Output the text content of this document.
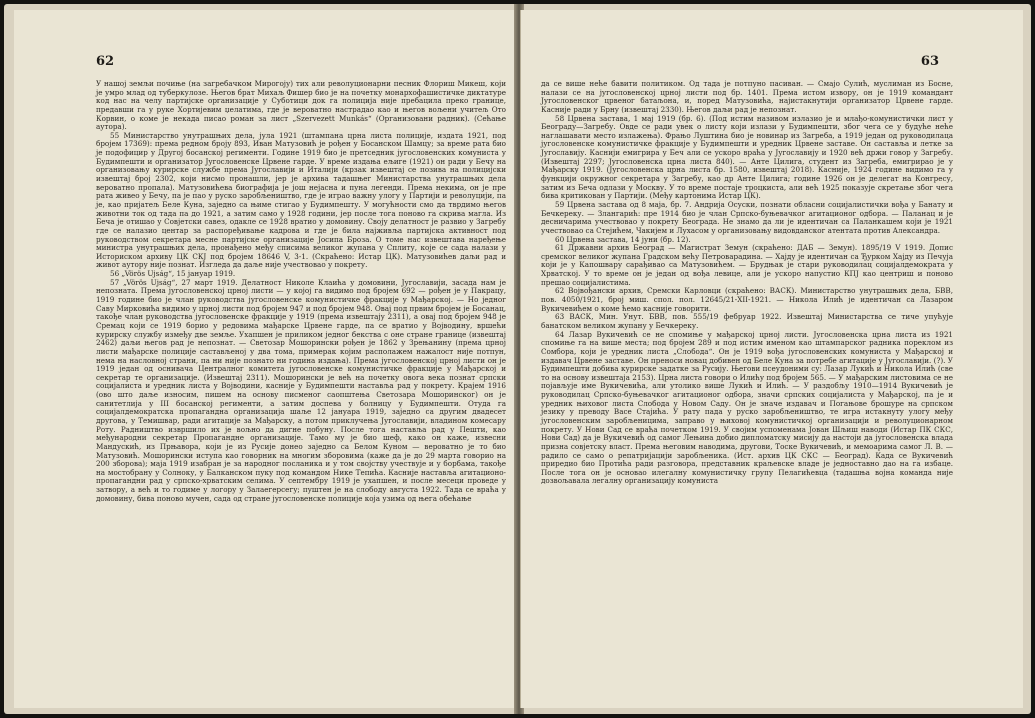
62

У нашој земљи почиње (на загребачком Мирогоју) тих али револуционарни песник Флориш Микеш, који је умро млад од туберкулозе. Његов брат Михаљ Фишер био је на почетку монархофашистичке диктатуре код нас на челу партијске организације у Суботици док га полиција није пребацила преко границе, предавши га у руке Хортијевим џелатима, где је вероватно настрадао као и његов вољени учитељ Ото Корвин, о коме је некада писао роман за лист „Szervezett Munkás“ (Организовани радник). (Сећање аутора).

55 Министарство унутрашњих дела, јула 1921 (штампана црна листа полиције, издата 1921, под бројем 17369): према редном броју 893, Иван Матузовић је рођен у Босанском Шамцу; за време рата био је подофицир у Другој босанској регименти. Године 1919 био је претседник југословенских комуниста у Будимпешти и организатор Југословенске Црвене гарде. У време издања ељиге (1921) он ради у Бечу на организовању курирске службе према Југославији и Италији (крзак извештај се позива на полицијски извештај број 2302, који нисмо пронашли, јер је архива тадашњег Министарства унутрашњих дела вероватно пропала). Матузовићева биографија је још нејасна и пуна легенди. Према некима, он је пре рата живео у Бечу, па је пао у руско заробљеништво, где је играо важну улогу у Партији и револуцији, па је, као пријатељ Беле Куна, заједно са њиме стигао у Будимпешту. У могућности смо да тврдимо његов животни ток од тада па до 1921, а затим само у 1928 години, јер после тога поново га скрива магла. Из Беча је отишао у Совјетски савез, одакле се 1928 вратио у домовину. Своју делатност је развио у Загребу где се налазио центар за распоређивање кадрова и где је била најживља партијска активност под руководством секретара месне партијске организације Јосипа Броза. О томе нас извештава наређење министра унутрашњих дела, пронађено међу списима великог жупана у Сплиту, које се сада налази у Историском архиву ЦК СКЈ под бројем 18646 V, 3-1. (Скраћено: Истар ЦК). Матузовићев даљи рад и живот аутору није познат. Изгледа да даље није учествовао у покрету.

56 „Vörös Ujság“, 15 јануар 1919.

57 „Vörös Ujság“, 27 март 1919. Делатност Николе Клаића у домовини, Југославији, засада нам је непозната. Према југословенској црној листи — у којој га видимо под бројем 692 — рођен је у Пакрацу, 1919 године био је члан руководства југословенске комунистичке фракције у Мађарској. — Но једног Саву Мирковића видимо у црној листи под бројем 947 и под бројем 948. Овај под првим бројем је Босанац, такође члан руководства југословенске фракције у 1919 (према извештају 2311), а овај под бројем 948 је Сремац који се 1919 борио у редовима мађарске Црвене гарде, па се вратио у Војводину, вршећи курирску службу између две земље. Ухапшен је приликом једног бекства с оне стране границе (извештај 2462) даљи његов рад је непознат. — Светозар Мошорински рођен је 1862 у Зрењанину (према црној листи мађарске полиције састављеној у два тома, примерак којим располажем нажалост није потпун, нема на насловној страни, па ни није познато ни година издања). Према југословенској црној листи он је 1919 један од оснивача Централног комитета југословенске комунистичке фракције у Мађарској и секретар те организације. (Извештај 2311). Мошорински је већ на почетку овога века познат српски социјалиста и уредник листа у Војводини, касније у Будимпешти наставља рад у покрету. Крајем 1916 (ово што даље износим, пишем на основу писменог саопштења Светозара Мошоринског) он је санитетлија у III босанској регименти, а затим доспева у болницу у Будимпешти. Отуда га социјалдемократска пропагандна организација шаље 12 јануара 1919, заједно са другим двадесет другова, у Темишвар, ради агитације за Мађарску, а потом приклучења Југославији, владином комесару Роту. Радништво извршило их је вољно да дигне побуну. После тога наставља рад у Пешти, као међународни секретар Пропагандне организације. Тамо му је био шеф, како он каже, извесни Мандускић, из Прњавора, који је из Русије донео заједно са Белом Куном — вероватно је то био Матузовић. Мошорински иступа као говорник на многим зборовима (каже да је до 29 марта говорио на 200 зборова); маја 1919 изабран је за народног посланика и у том својству учествује и у борбама, такође на мостобрану у Солноку, у Балканском пуку под командом Нике Тепића. Касније наставља агитационо-пропагандни рад у српско-хрватским селима. У септембру 1919 је ухапшен, и после месеци проведе у затвору, а већ и то годиме у логору у Залаегерсегу; пуштен је на слободу августа 1922. Тада се враћа у домовину, бива поново мучен, сада од стране југословенске полиције која узима од њега обећање

63

да се више неће бавити политиком. Од тада је потпуно пасиван. — Смајо Сулић, муслиман из Босне, налази се на југословенској црној листи под бр. 1401. Према истом извору, он је 1919 командант Југословенског црвеног батаљона, и, поред Матузовића, најистакнутији организатор Црвене гарде. Касније ради у Брну (извештај 2330). Његов даљи рад је непознат.

58 Црвена застава, 1 мај 1919 (бр. 6). (Под истим називом излазио је и млађо-комунистички лист у Београду—Загребу. Овде се ради увек о листу који излази у Будимпешти, због чега се у будуће неће наглашавати место излажења). Фрањо Луштина био је новинар из Загреба, а 1919 један од руководилаца југословенске комунистичке фракције у Будимпешти и уредник Црвене заставе. Он саставља и летке за Југославију. Каснији емигрира у Беч али се ускоро враћа у Југославију и 1920 већ држи говор у Загребу. (Извештај 2297; Југословенска црна листа 840). — Анте Цилига, студент из Загреба, емигрирао је у Мађарску 1919. (Југословенска црна листа бр. 1580, извештај 2018). Касније, 1924 године видимо га у функцији окружног секретара у Загребу, као др Анте Цилига; године 1926 он је делегат на Конгресу, затим из Беча одлази у Москву. У то време постаје троцкиста, али већ 1925 показује скретање због чега бива критикован у Партији. (Међу картонима Истар ЦК).

59 Црвена застава од 8 маја, бр. 7. Андрија Осуски, познати обласни социјалистички вођа у Банату и Бечкереку. — Злангарић: пре 1914 био је члан Српско-буњевачког агитационог одбора. — Паланац и је десничарима учествовао у покрету Београда. Не знамо да ли је идентичан са Паланкашем који је 1921 учествовао са Стејићем, Чакијем и Лухасом у организовању видовданског атентата против Александра.

60 Црвена застава, 14 јуни (бр. 12).

61 Државни архив Београд — Магистрат Земун (скраћено: ДАБ — Земун). 1895/19 V 1919. Допис сремског великог жупана Градском већу Петроварадина. — Хајду је идентичан са Ђурком Хајду из Печуја који је у Капошвару сарађивао са Матузовићем. — Брудњак је стари руководилац социјалдемократа у Хрватској. У то време он је један од вођа левице, али је ускоро напустио КПЈ као центриш и поново прешао социјалистима.

62 Војвођански архив, Сремски Карловци (скраћено: ВАСК). Министарство унутрашњих дела, БВВ, пов. 4050/1921, број миш. спол. пол. 12645/21-XII-1921. — Никола Илић је идентичан са Лазаром Вукичевићем о коме ћемо касније говорити.

63 ВАСК, Мин. Унут. БВВ, пов. 555/19 фебруар 1922. Извештај Министарства се тиче упућује банатском великом жупану у Бечкереку.

64 Лазар Вукичевић се не спомиње у мађарској црној листи. Југословенска црна листа из 1921 спомиње га на више места; под бројем 289 и под истим именом као штампарског радника пореклом из Сомбора, који је уредник листа „Слобода“. Он је 1919 вођа југословенских комуниста у Мађарској и издавач Црвене заставе. Он преноси новац добивен од Беле Куна за потребе агитације у Југославији. (?). У Будимпешти добива курирске задатке за Русију. Његови псеудоними су: Лазар Лукић и Никола Илић (све то на основу извештаја 2153). Црна листа говори о Илићу под бројем 565. — У мађарским листовима се не појављује име Вукичевића, али утолико више Лукић и Илић. — У раздобљу 1910—1914 Вукичевић је руководилац Српско-буњевачког агитационог одбора, значи српских социјалиста у Мађарској, па је и уредник њиховог листа Слобода у Новом Саду. Он је значе издавач и Погањове брошуре на српском језику у преводу Васе Стајића. У рату пада у руско заробљеништво, те игра истакнуту улогу међу југословенским заробљеницима, заправо у њиховој комунистичкој организацији и револуционарном покрету. У Нови Сад се враћа почетком 1919. У својим успоменама Јован Шљиш наводи (Истар ПК СКС, Нови Сад) да је Вукичевић од самог Лењина добио дипломатску мисију да настоји да југословенска влада призна совјетску власт. Према његовим наводима, другови, Тоске Вукичевић, и мемоарима самог Л. В. — радило се само о репатријацији заробљеника. (Ист. архив ЦК СКС — Београд). Када се Вукичевић приредио био Протића ради разговора, представник краљевске владе је једноставно дао на га избаце. После тога он је основао илегалну комунистичку групу Пелагићевца (тадашња војна команда није дозвољавала легалну организацију комуниста
